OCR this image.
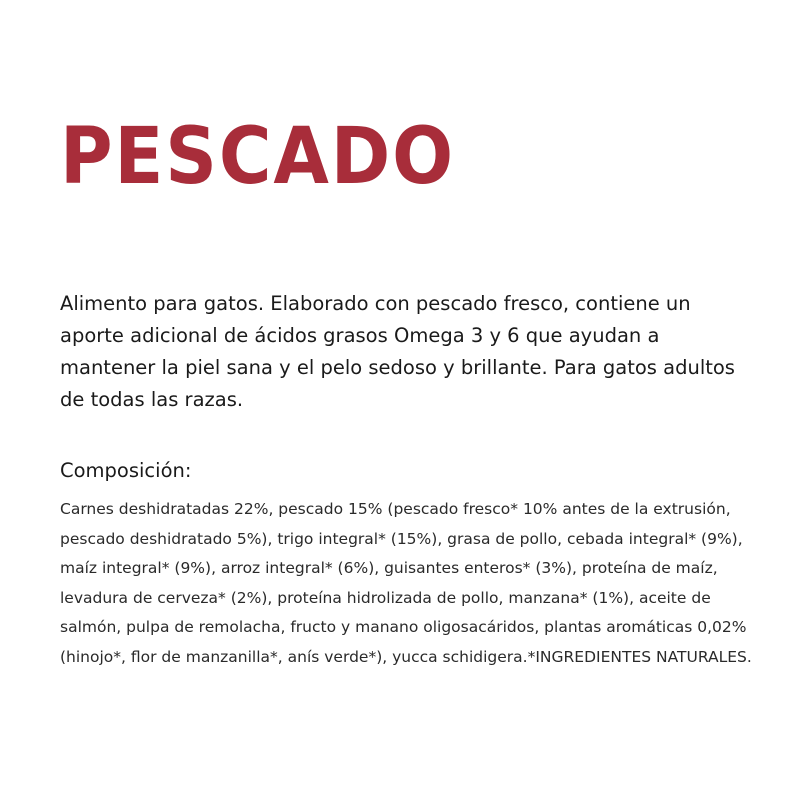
PESCADO

Alimento para gatos. Elaborado con pescado fresco, contiene un aporte adicional de ácidos grasos Omega 3 y 6 que ayudan a mantener la piel sana y el pelo sedoso y brillante. Para gatos adultos de todas las razas.

Composición:

Carnes deshidratadas 22%, pescado 15% (pescado fresco* 10% antes de la extrusión, pescado deshidratado 5%), trigo integral* (15%), grasa de pollo, cebada integral* (9%), maíz integral* (9%), arroz integral* (6%), guisantes enteros* (3%), proteína de maíz, levadura de cerveza* (2%), proteína hidrolizada de pollo, manzana* (1%), aceite de salmón, pulpa de remolacha, fructo y manano oligosacáridos, plantas aromáticas 0,02% (hinojo*, flor de manzanilla*, anís verde*), yucca schidigera.*INGREDIENTES NATURALES.
